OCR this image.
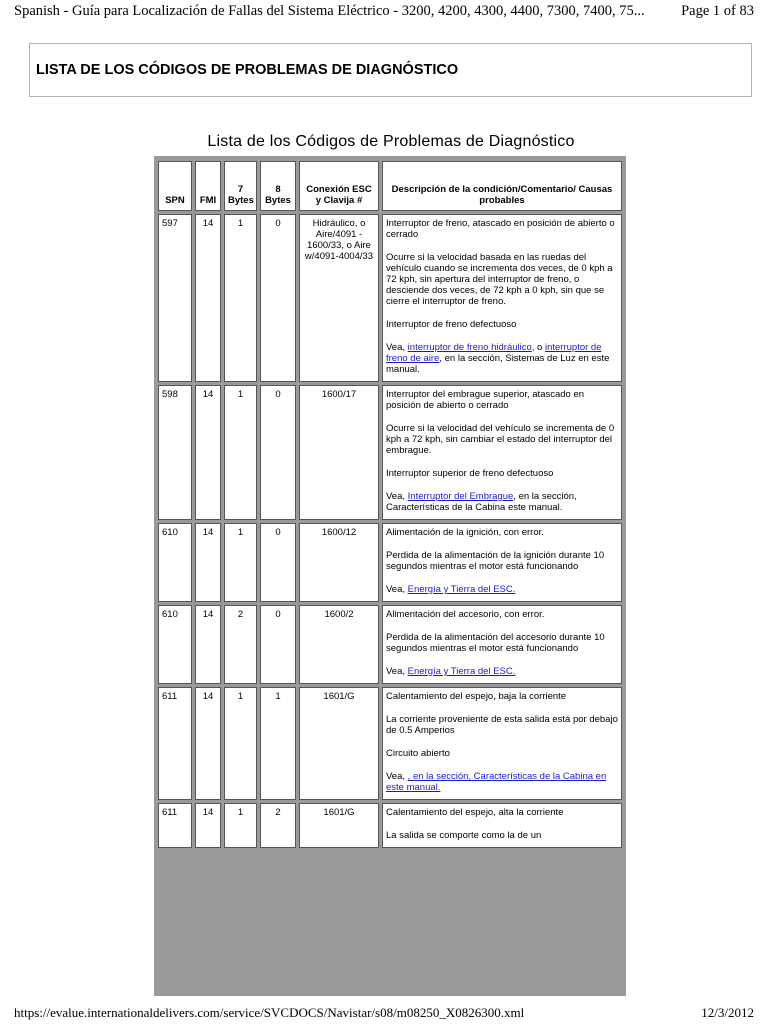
Spanish - Guía para Localización de Fallas del Sistema Eléctrico - 3200, 4200, 4300, 4400, 7300, 7400, 75...	Page 1 of 83
LISTA DE LOS CÓDIGOS DE PROBLEMAS DE DIAGNÓSTICO
Lista de los Códigos de Problemas de Diagnóstico
SPN	FMI	7 Bytes	8 Bytes	Conexión ESC y Clavija #	Descripción de la condición/Comentario/ Causas probables
597	14	1	0	Hidráulico, o Aire/4091 - 1600/33, o Aire w/4091-4004/33	Interruptor de freno, atascado en posición de abierto o cerrado

Ocurre si la velocidad basada en las ruedas del vehículo cuando se incrementa dos veces, de 0 kph a 72 kph, sin apertura del interruptor de freno, o desciende dos veces, de 72 kph a 0 kph, sin que se cierre el interruptor de freno.

Interruptor de freno defectuoso

Vea, interruptor de freno hidráulico, o interruptor de freno de aire, en la sección, Sistemas de Luz en este manual.

598	14	1	0	1600/17	Interruptor del embrague superior, atascado en posición de abierto o cerrado

Ocurre si la velocidad del vehículo se incrementa de 0 kph a 72 kph, sin cambiar el estado del interruptor del embrague.

Interruptor superior de freno defectuoso

Vea, Interruptor del Embrague, en la sección, Características de la Cabina este manual.

610	14	1	0	1600/12	Alimentación de la ignición, con error.

Perdida de la alimentación de la ignición durante 10 segundos mientras el motor está funcionando

Vea, Energía y Tierra del ESC.

610	14	2	0	1600/2	Alimentación del accesorio, con error.

Perdida de la alimentación del accesorio durante 10 segundos mientras el motor está funcionando

Vea, Energía y Tierra del ESC.

611	14	1	1	1601/G	Calentamiento del espejo, baja la corriente

La corriente proveniente de esta salida está por debajo de 0.5 Amperios

Circuito abierto

Vea, , en la sección, Características de la Cabina en este manual.

611	14	1	2	1601/G	Calentamiento del espejo, alta la corriente

La salida se comporte como la de un

https://evalue.internationaldelivers.com/service/SVCDOCS/Navistar/s08/m08250_X0826300.xml	12/3/2012
